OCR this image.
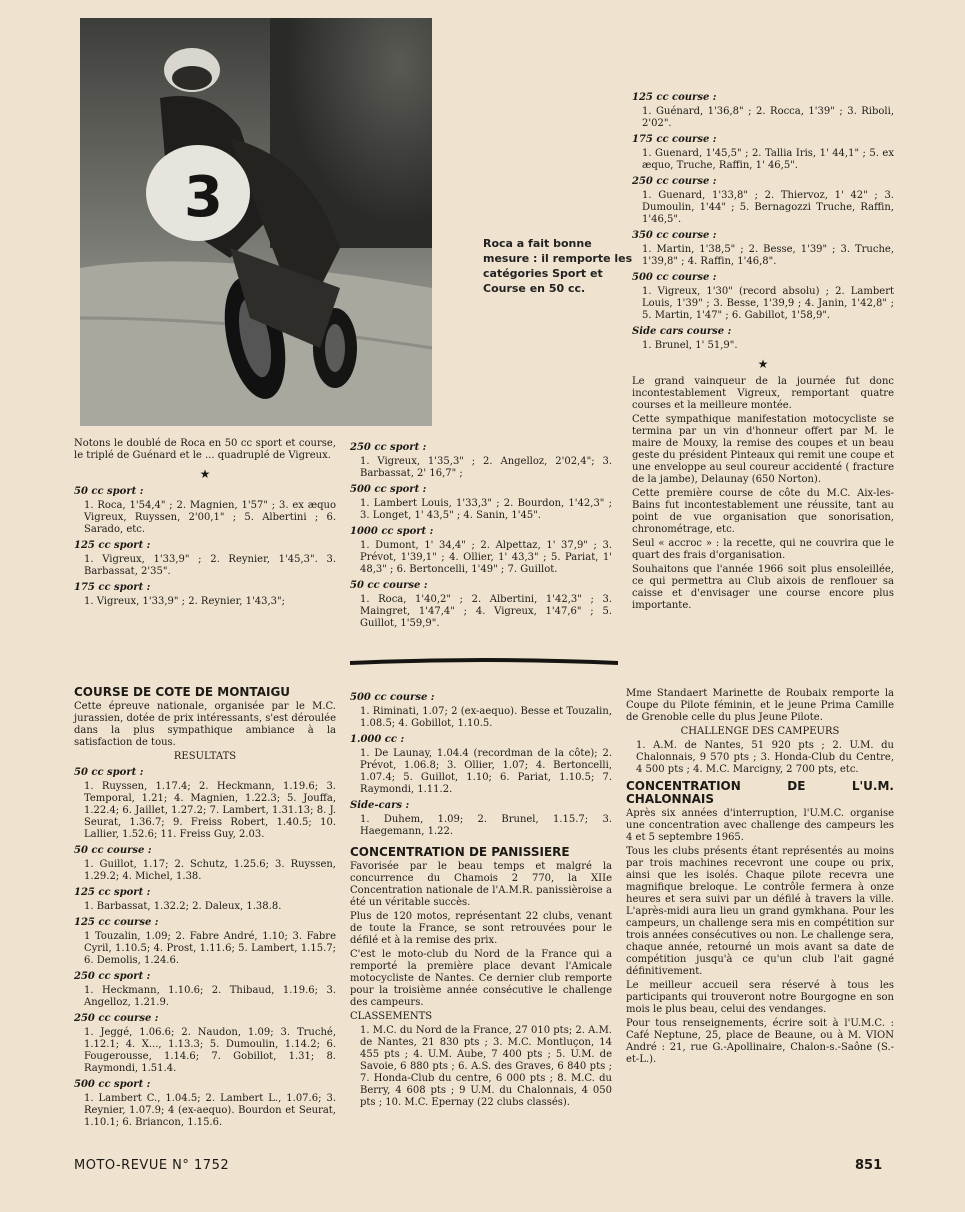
3
Roca a fait bonne mesure : il remporte les catégories Sport et Course en 50 cc.

Notons le doublé de Roca en 50 cc sport et course, le triplé de Guénard et le ... quadruplé de Vigreux.

★

50 cc sport :

1. Roca, 1'54,4" ; 2. Magnien, 1'57" ; 3. ex æquo Vigreux, Ruyssen, 2'00,1" ; 5. Albertini ; 6. Sarado, etc.

125 cc sport :

1. Vigreux, 1'33,9" ; 2. Reynier, 1'45,3". 3. Barbassat, 2'35".

175 cc sport :

1. Vigreux, 1'33,9" ; 2. Reynier, 1'43,3";

250 cc sport :

1. Vigreux, 1'35,3" ; 2. Angelloz, 2'02,4"; 3. Barbassat, 2' 16,7" ;

500 cc sport :

1. Lambert Louis, 1'33,3" ; 2. Bourdon, 1'42,3" ; 3. Longet, 1' 43,5" ; 4. Sanin, 1'45".

1000 cc sport :

1. Dumont, 1' 34,4" ; 2. Alpettaz, 1' 37,9" ; 3. Prévot, 1'39,1" ; 4. Ollier, 1' 43,3" ; 5. Pariat, 1' 48,3" ; 6. Bertoncelli, 1'49" ; 7. Guillot.

50 cc course :

1. Roca, 1'40,2" ; 2. Albertini, 1'42,3" ; 3. Maingret, 1'47,4" ; 4. Vigreux, 1'47,6" ; 5. Guillot, 1'59,9".

125 cc course :

1. Guénard, 1'36,8" ; 2. Rocca, 1'39" ; 3. Riboli, 2'02".

175 cc course :

1. Guenard, 1'45,5" ; 2. Tallia Iris, 1' 44,1" ; 5. ex æquo, Truche, Raffin, 1' 46,5".

250 cc course :

1. Guenard, 1'33,8" ; 2. Thiervoz, 1' 42" ; 3. Dumoulin, 1'44" ; 5. Bernagozzi Truche, Raffin, 1'46,5".

350 cc course :

1. Martin, 1'38,5" ; 2. Besse, 1'39" ; 3. Truche, 1'39,8" ; 4. Raffin, 1'46,8".

500 cc course :

1. Vigreux, 1'30" (record absolu) ; 2. Lambert Louis, 1'39" ; 3. Besse, 1'39,9 ; 4. Janin, 1'42,8" ; 5. Martin, 1'47" ; 6. Gabillot, 1'58,9".

Side cars course :

1. Brunel, 1' 51,9".

★

Le grand vainqueur de la journée fut donc incontestablement Vigreux, remportant quatre courses et la meilleure montée.

Cette sympathique manifestation motocycliste se termina par un vin d'honneur offert par M. le maire de Mouxy, la remise des coupes et un beau geste du président Pinteaux qui remit une coupe et une enveloppe au seul coureur accidenté ( fracture de la jambe), Delaunay (650 Norton).

Cette première course de côte du M.C. Aix-les-Bains fut incontestablement une réussite, tant au point de vue organisation que sonorisation, chronométrage, etc.

Seul « accroc » : la recette, qui ne couvrira que le quart des frais d'organisation.

Souhaitons que l'année 1966 soit plus ensoleillée, ce qui permettra au Club aixois de renflouer sa caisse et d'envisager une course encore plus importante.

COURSE DE COTE DE MONTAIGU

Cette épreuve nationale, organisée par le M.C. jurassien, dotée de prix intéressants, s'est déroulée dans la plus sympathique ambiance à la satisfaction de tous.

RESULTATS

50 cc sport :

1. Ruyssen, 1.17.4; 2. Heckmann, 1.19.6; 3. Temporal, 1.21; 4. Magnien, 1.22.3; 5. Jouffa, 1.22.4; 6. Jaillet, 1.27.2; 7. Lambert, 1.31.13; 8. J. Seurat, 1.36.7; 9. Freiss Robert, 1.40.5; 10. Lallier, 1.52.6; 11. Freiss Guy, 2.03.

50 cc course :

1. Guillot, 1.17; 2. Schutz, 1.25.6; 3. Ruyssen, 1.29.2; 4. Michel, 1.38.

125 cc sport :

1. Barbassat, 1.32.2; 2. Daleux, 1.38.8.

125 cc course :

1 Touzalin, 1.09; 2. Fabre André, 1.10; 3. Fabre Cyril, 1.10.5; 4. Prost, 1.11.6; 5. Lambert, 1.15.7; 6. Demolis, 1.24.6.

250 cc sport :

1. Heckmann, 1.10.6; 2. Thibaud, 1.19.6; 3. Angelloz, 1.21.9.

250 cc course :

1. Jeggé, 1.06.6; 2. Naudon, 1.09; 3. Truché, 1.12.1; 4. X..., 1.13.3; 5. Dumoulin, 1.14.2; 6. Fougerousse, 1.14.6; 7. Gobillot, 1.31; 8. Raymondi, 1.51.4.

500 cc sport :

1. Lambert C., 1.04.5; 2. Lambert L., 1.07.6; 3. Reynier, 1.07.9; 4 (ex-aequo). Bourdon et Seurat, 1.10.1; 6. Briancon, 1.15.6.

500 cc course :

1. Riminati, 1.07; 2 (ex-aequo). Besse et Touzalin, 1.08.5; 4. Gobillot, 1.10.5.

1.000 cc :

1. De Launay, 1.04.4 (recordman de la côte); 2. Prévot, 1.06.8; 3. Ollier, 1.07; 4. Bertoncelli, 1.07.4; 5. Guillot, 1.10; 6. Pariat, 1.10.5; 7. Raymondi, 1.11.2.

Side-cars :

1. Duhem, 1.09; 2. Brunel, 1.15.7; 3. Haegemann, 1.22.

CONCENTRATION DE PANISSIERE

Favorisée par le beau temps et malgré la concurrence du Chamois 2 770, la XIIe Concentration nationale de l'A.M.R. panissièroise a été un véritable succès.

Plus de 120 motos, représentant 22 clubs, venant de toute la France, se sont retrouvées pour le défilé et à la remise des prix.

C'est le moto-club du Nord de la France qui a remporté la première place devant l'Amicale motocycliste de Nantes. Ce dernier club remporte pour la troisième année consécutive le challenge des campeurs.

CLASSEMENTS

1. M.C. du Nord de la France, 27 010 pts; 2. A.M. de Nantes, 21 830 pts ; 3. M.C. Montluçon, 14 455 pts ; 4. U.M. Aube, 7 400 pts ; 5. U.M. de Savoie, 6 880 pts ; 6. A.S. des Graves, 6 840 pts ; 7. Honda-Club du centre, 6 000 pts ; 8. M.C. du Berry, 4 608 pts ; 9 U.M. du Chalonnais, 4 050 pts ; 10. M.C. Epernay (22 clubs classés).

Mme Standaert Marinette de Roubaix remporte la Coupe du Pilote féminin, et le jeune Prima Camille de Grenoble celle du plus Jeune Pilote.

CHALLENGE DES CAMPEURS

1. A.M. de Nantes, 51 920 pts ; 2. U.M. du Chalonnais, 9 570 pts ; 3. Honda-Club du Centre, 4 500 pts ; 4. M.C. Marcigny, 2 700 pts, etc.

CONCENTRATION DE L'U.M. CHALONNAIS

Après six années d'interruption, l'U.M.C. organise une concentration avec challenge des campeurs les 4 et 5 septembre 1965.

Tous les clubs présents étant représentés au moins par trois machines recevront une coupe ou prix, ainsi que les isolés. Chaque pilote recevra une magnifique breloque. Le contrôle fermera à onze heures et sera suivi par un défilé à travers la ville. L'après-midi aura lieu un grand gymkhana. Pour les campeurs, un challenge sera mis en compétition sur trois années consécutives ou non. Le challenge sera, chaque année, retourné un mois avant sa date de compétition jusqu'à ce qu'un club l'ait gagné définitivement.

Le meilleur accueil sera réservé à tous les participants qui trouveront notre Bourgogne en son mois le plus beau, celui des vendanges.

Pour tous renseignements, écrire soit à l'U.M.C. : Café Neptune, 25, place de Beaune, ou à M. VION André : 21, rue G.-Apollinaire, Chalon-s.-Saône (S.-et-L.).

MOTO-REVUE N° 1752	851
